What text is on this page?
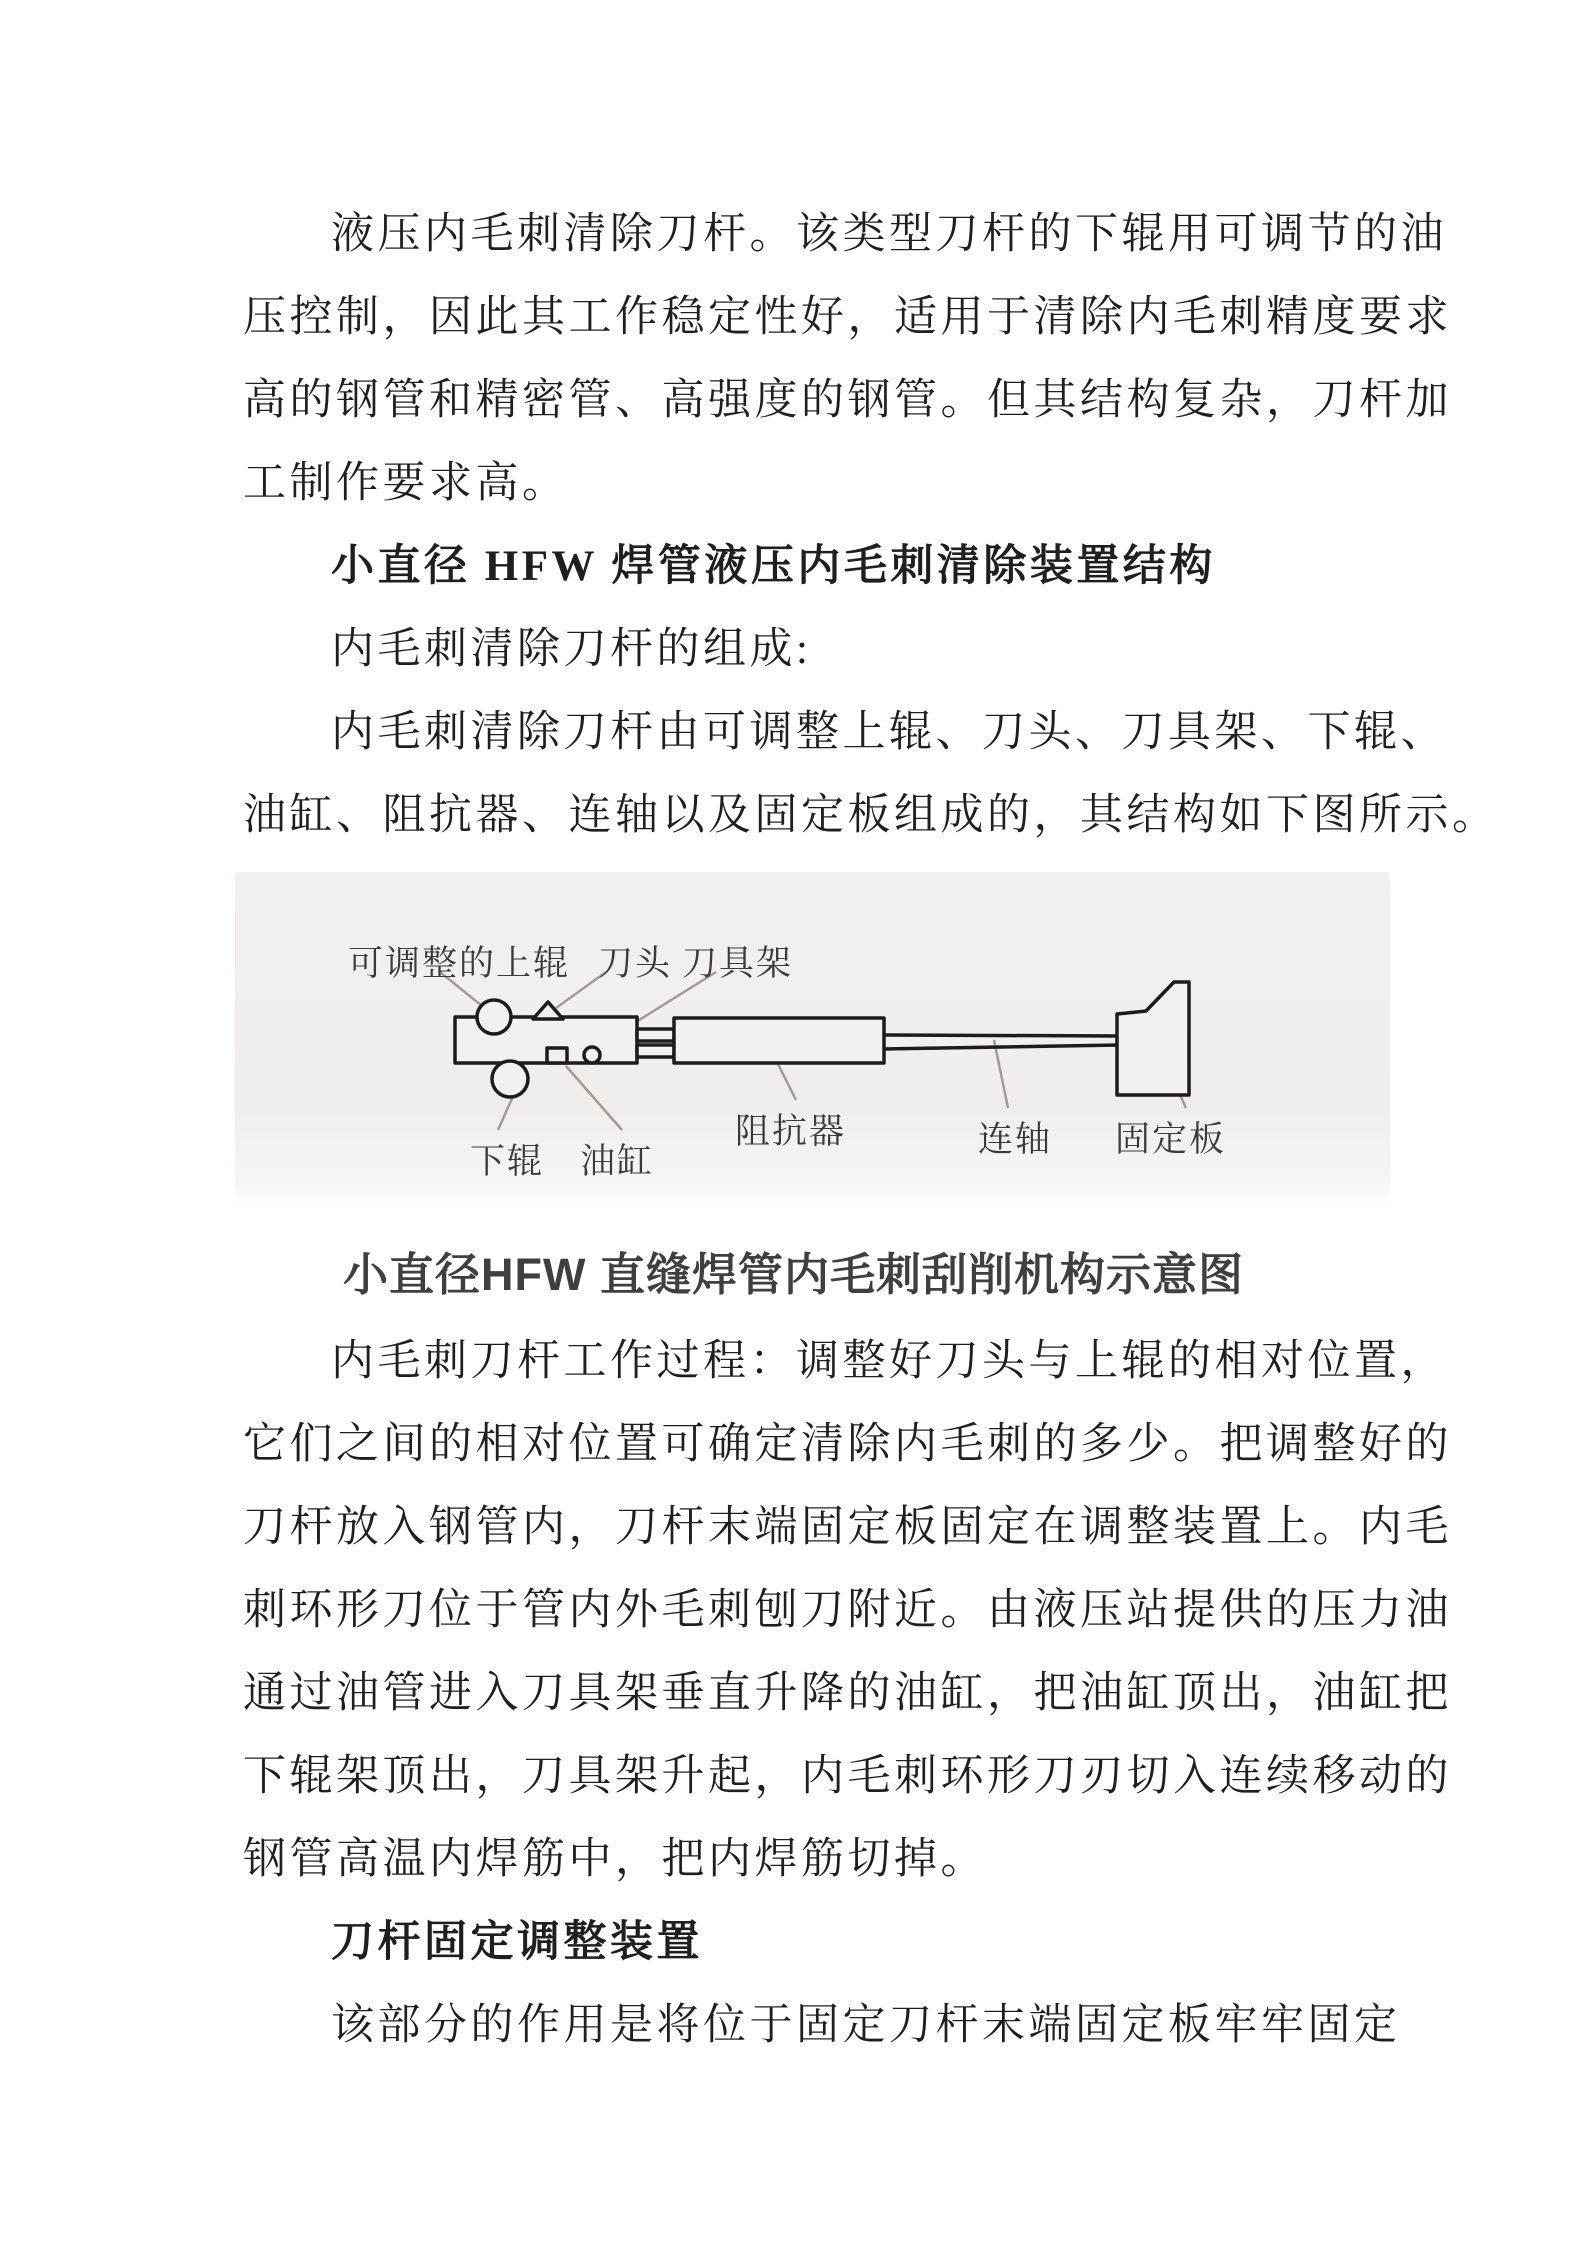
液压内毛刺清除刀杆。该类型刀杆的下辊用可调节的油
压控制，因此其工作稳定性好，适用于清除内毛刺精度要求
高的钢管和精密管、高强度的钢管。但其结构复杂，刀杆加
工制作要求高。
小直径 HFW 焊管液压内毛刺清除装置结构
内毛刺清除刀杆的组成:
内毛刺清除刀杆由可调整上辊、刀头、刀具架、下辊、
油缸、阻抗器、连轴以及固定板组成的，其结构如下图所示。
可调整的上辊 刀头 刀具架
阻抗器	连轴 固定板
下辊 油缸
小直径HFW 直缝焊管内毛刺刮削机构示意图
内毛刺刀杆工作过程：调整好刀头与上辊的相对位置，
它们之间的相对位置可确定清除内毛刺的多少。把调整好的
刀杆放入钢管内，刀杆末端固定板固定在调整装置上。内毛
刺环形刀位于管内外毛刺刨刀附近。由液压站提供的压力油
通过油管进入刀具架垂直升降的油缸，把油缸顶出，油缸把
下辊架顶出，刀具架升起，内毛刺环形刀刃切入连续移动的
钢管高温内焊筋中，把内焊筋切掉。
刀杆固定调整装置
该部分的作用是将位于固定刀杆末端固定板牢牢固定
